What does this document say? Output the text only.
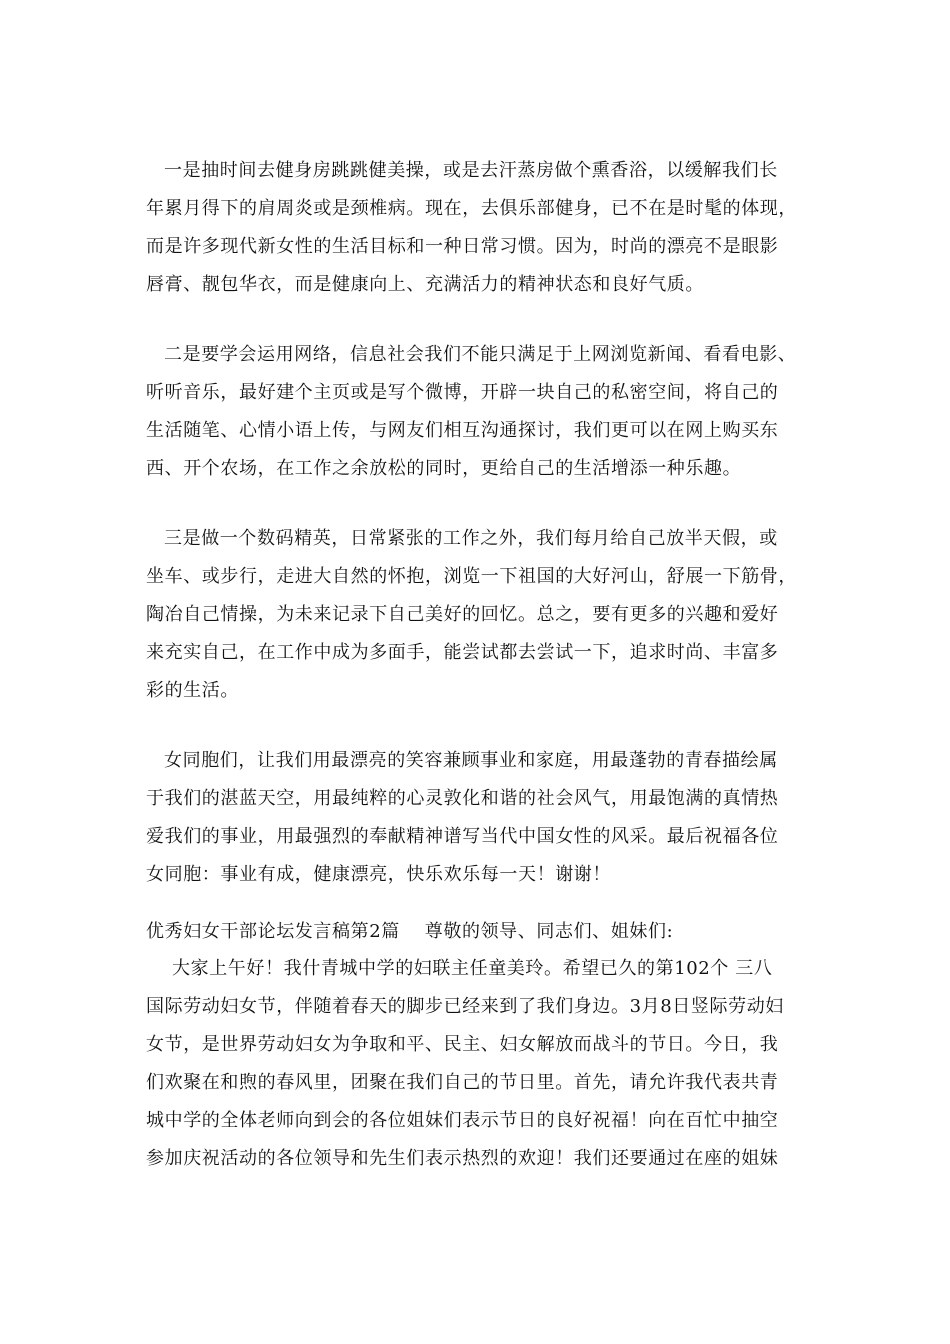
一是抽时间去健身房跳跳健美操，或是去汗蒸房做个熏香浴，以缓解我们长
年累月得下的肩周炎或是颈椎病。现在，去俱乐部健身，已不在是时髦的体现，
而是许多现代新女性的生活目标和一种日常习惯。因为，时尚的漂亮不是眼影
唇膏、靓包华衣，而是健康向上、充满活力的精神状态和良好气质。
二是要学会运用网络，信息社会我们不能只满足于上网浏览新闻、看看电影、
听听音乐，最好建个主页或是写个微博，开辟一块自己的私密空间，将自己的
生活随笔、心情小语上传，与网友们相互沟通探讨，我们更可以在网上购买东
西、开个农场，在工作之余放松的同时，更给自己的生活增添一种乐趣。
三是做一个数码精英，日常紧张的工作之外，我们每月给自己放半天假，或
坐车、或步行，走进大自然的怀抱，浏览一下祖国的大好河山，舒展一下筋骨，
陶冶自己情操，为未来记录下自己美好的回忆。总之，要有更多的兴趣和爱好
来充实自己，在工作中成为多面手，能尝试都去尝试一下，追求时尚、丰富多
彩的生活。
女同胞们，让我们用最漂亮的笑容兼顾事业和家庭，用最蓬勃的青春描绘属
于我们的湛蓝天空，用最纯粹的心灵敦化和谐的社会风气，用最饱满的真情热
爱我们的事业，用最强烈的奉献精神谱写当代中国女性的风采。最后祝福各位
女同胞：事业有成，健康漂亮，快乐欢乐每一天！谢谢！
优秀妇女干部论坛发言稿第2篇　 尊敬的领导、同志们、姐妹们:
大家上午好！我什青城中学的妇联主任童美玲。希望已久的第102个 三八
国际劳动妇女节，伴随着春天的脚步已经来到了我们身边。3月8日竖际劳动妇
女节，是世界劳动妇女为争取和平、民主、妇女解放而战斗的节日。今日，我
们欢聚在和煦的春风里，团聚在我们自己的节日里。首先，请允许我代表共青
城中学的全体老师向到会的各位姐妹们表示节日的良好祝福！向在百忙中抽空
参加庆祝活动的各位领导和先生们表示热烈的欢迎！我们还要通过在座的姐妹
